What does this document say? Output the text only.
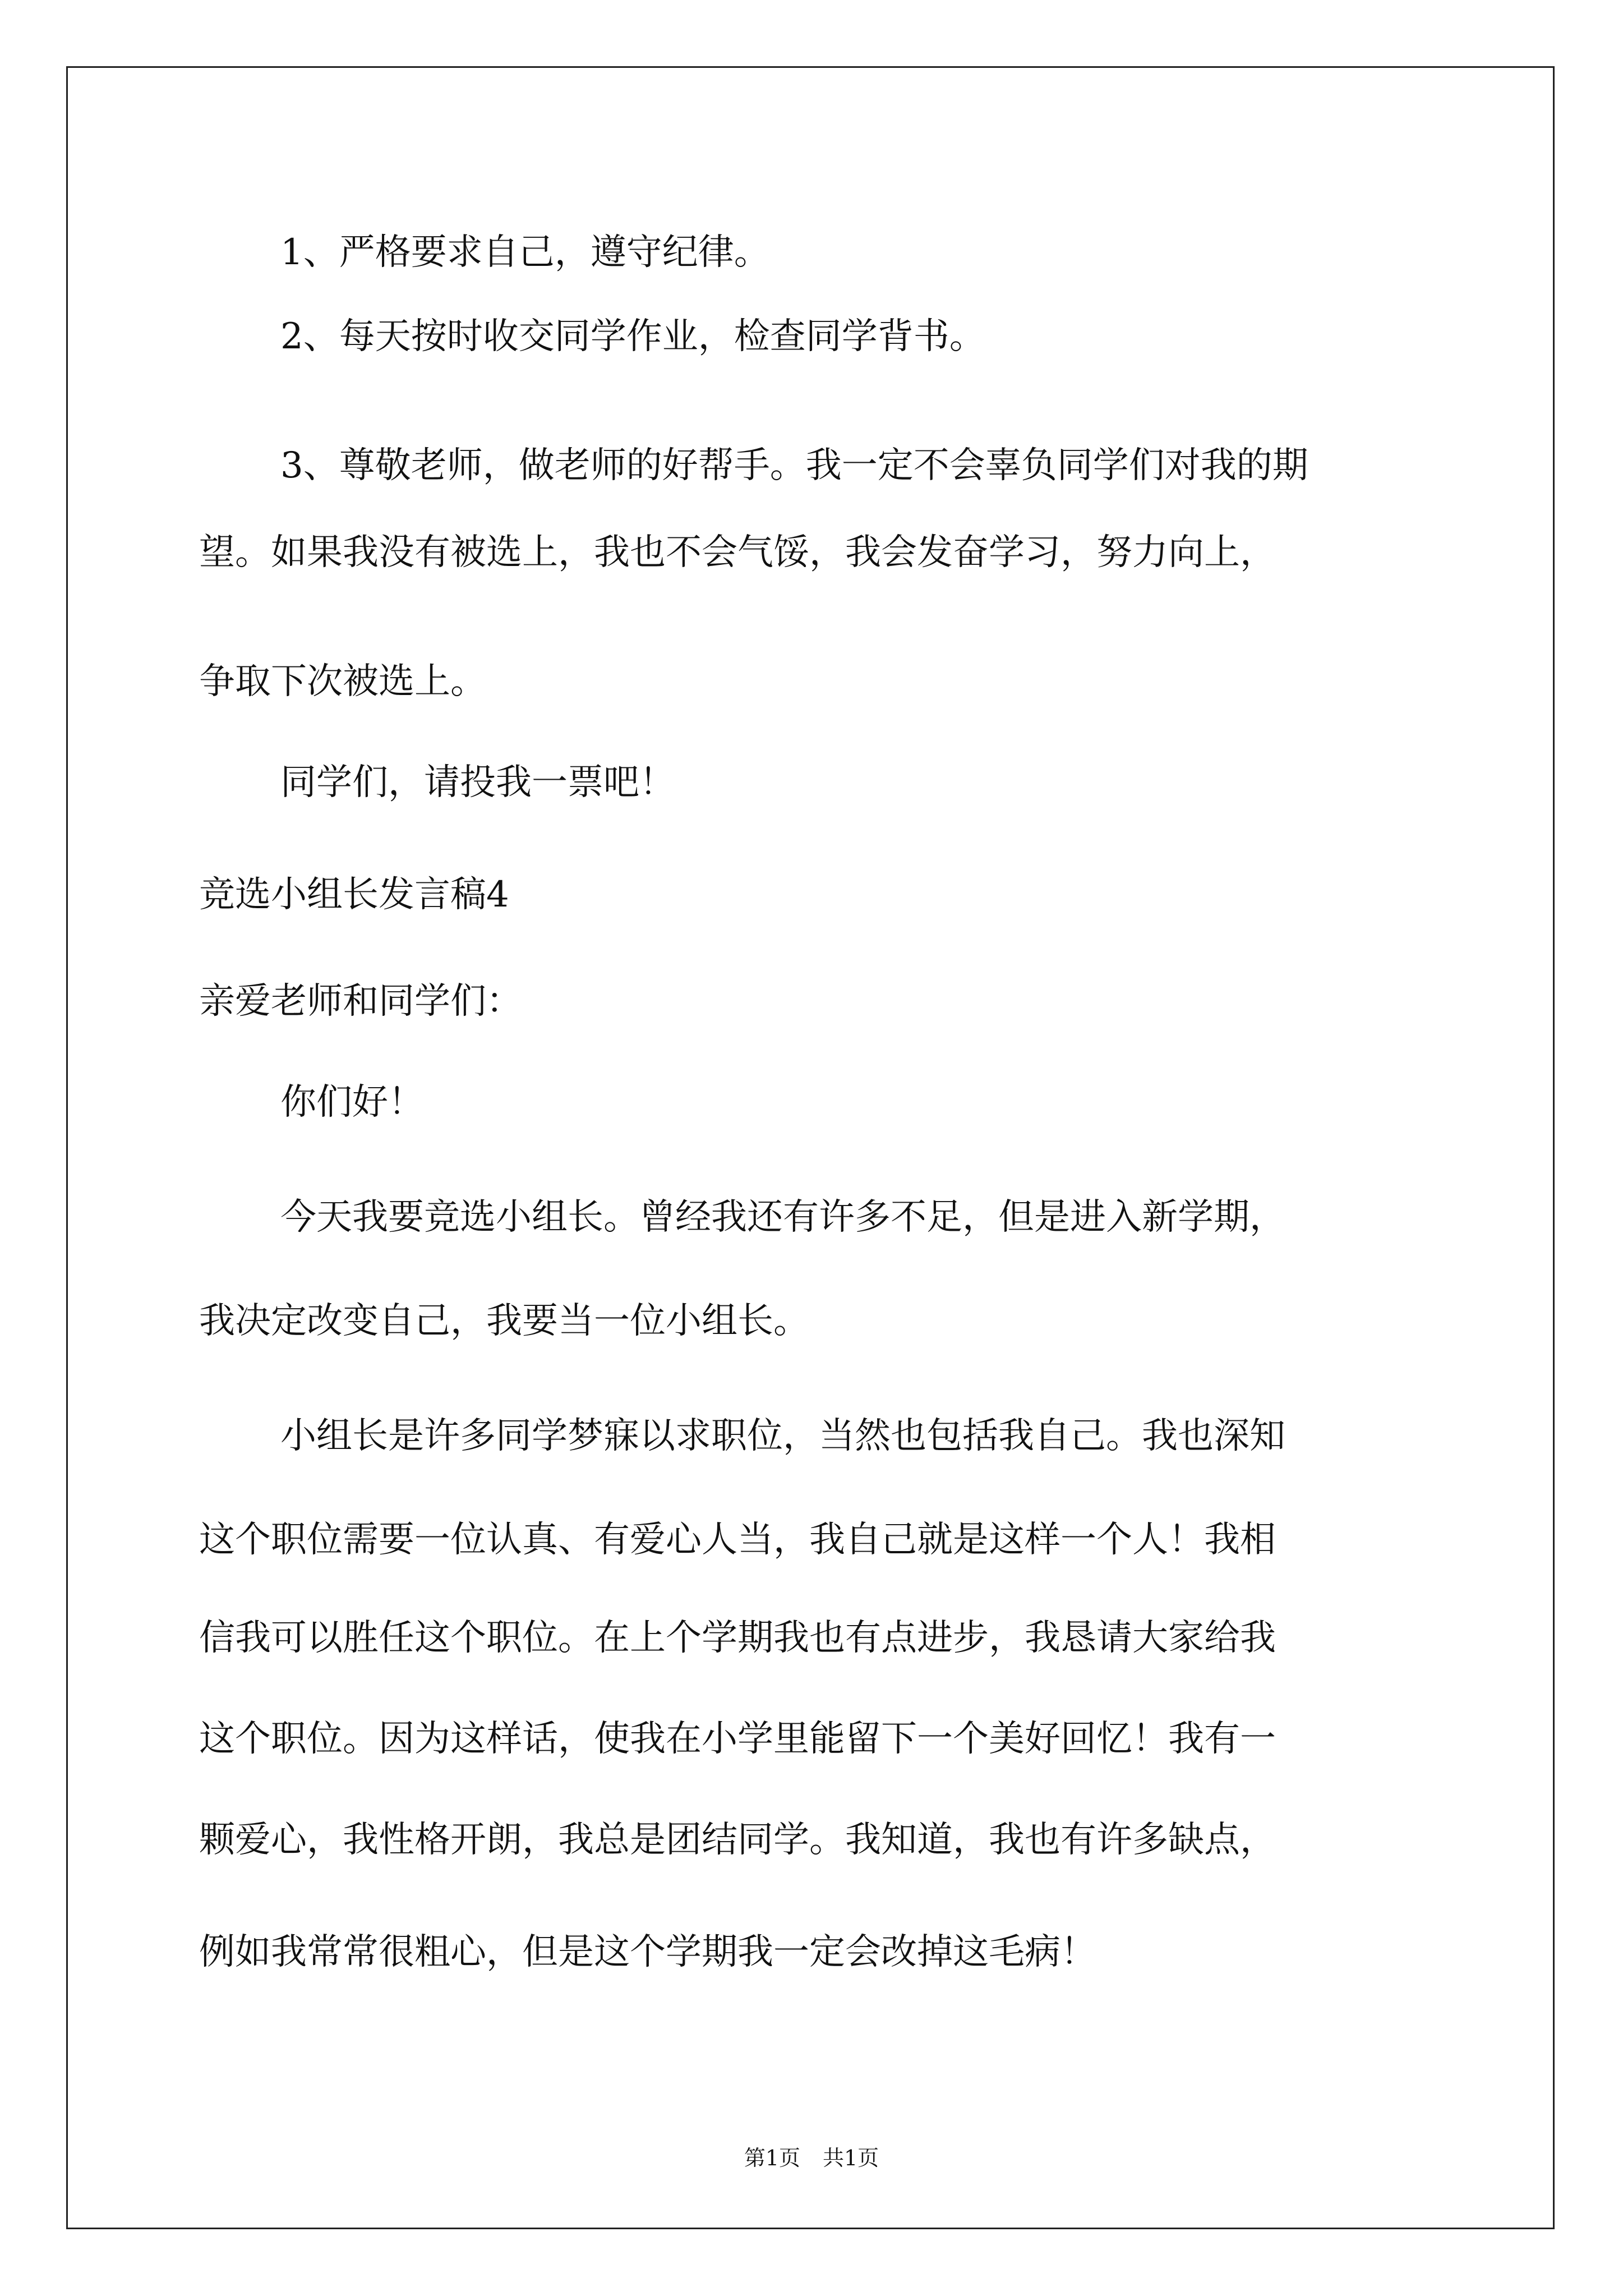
1、严格要求自己，遵守纪律。
2、每天按时收交同学作业，检查同学背书。
3、尊敬老师，做老师的好帮手。我一定不会辜负同学们对我的期
望。如果我没有被选上，我也不会气馁，我会发奋学习，努力向上，
争取下次被选上。
同学们，请投我一票吧！
竞选小组长发言稿4
亲爱老师和同学们：
你们好！
今天我要竞选小组长。曾经我还有许多不足，但是进入新学期，
我决定改变自己，我要当一位小组长。
小组长是许多同学梦寐以求职位，当然也包括我自己。我也深知
这个职位需要一位认真、有爱心人当，我自己就是这样一个人！我相
信我可以胜任这个职位。在上个学期我也有点进步，我恳请大家给我
这个职位。因为这样话，使我在小学里能留下一个美好回忆！我有一
颗爱心，我性格开朗，我总是团结同学。我知道，我也有许多缺点，
例如我常常很粗心，但是这个学期我一定会改掉这毛病！
第1页 共1页
